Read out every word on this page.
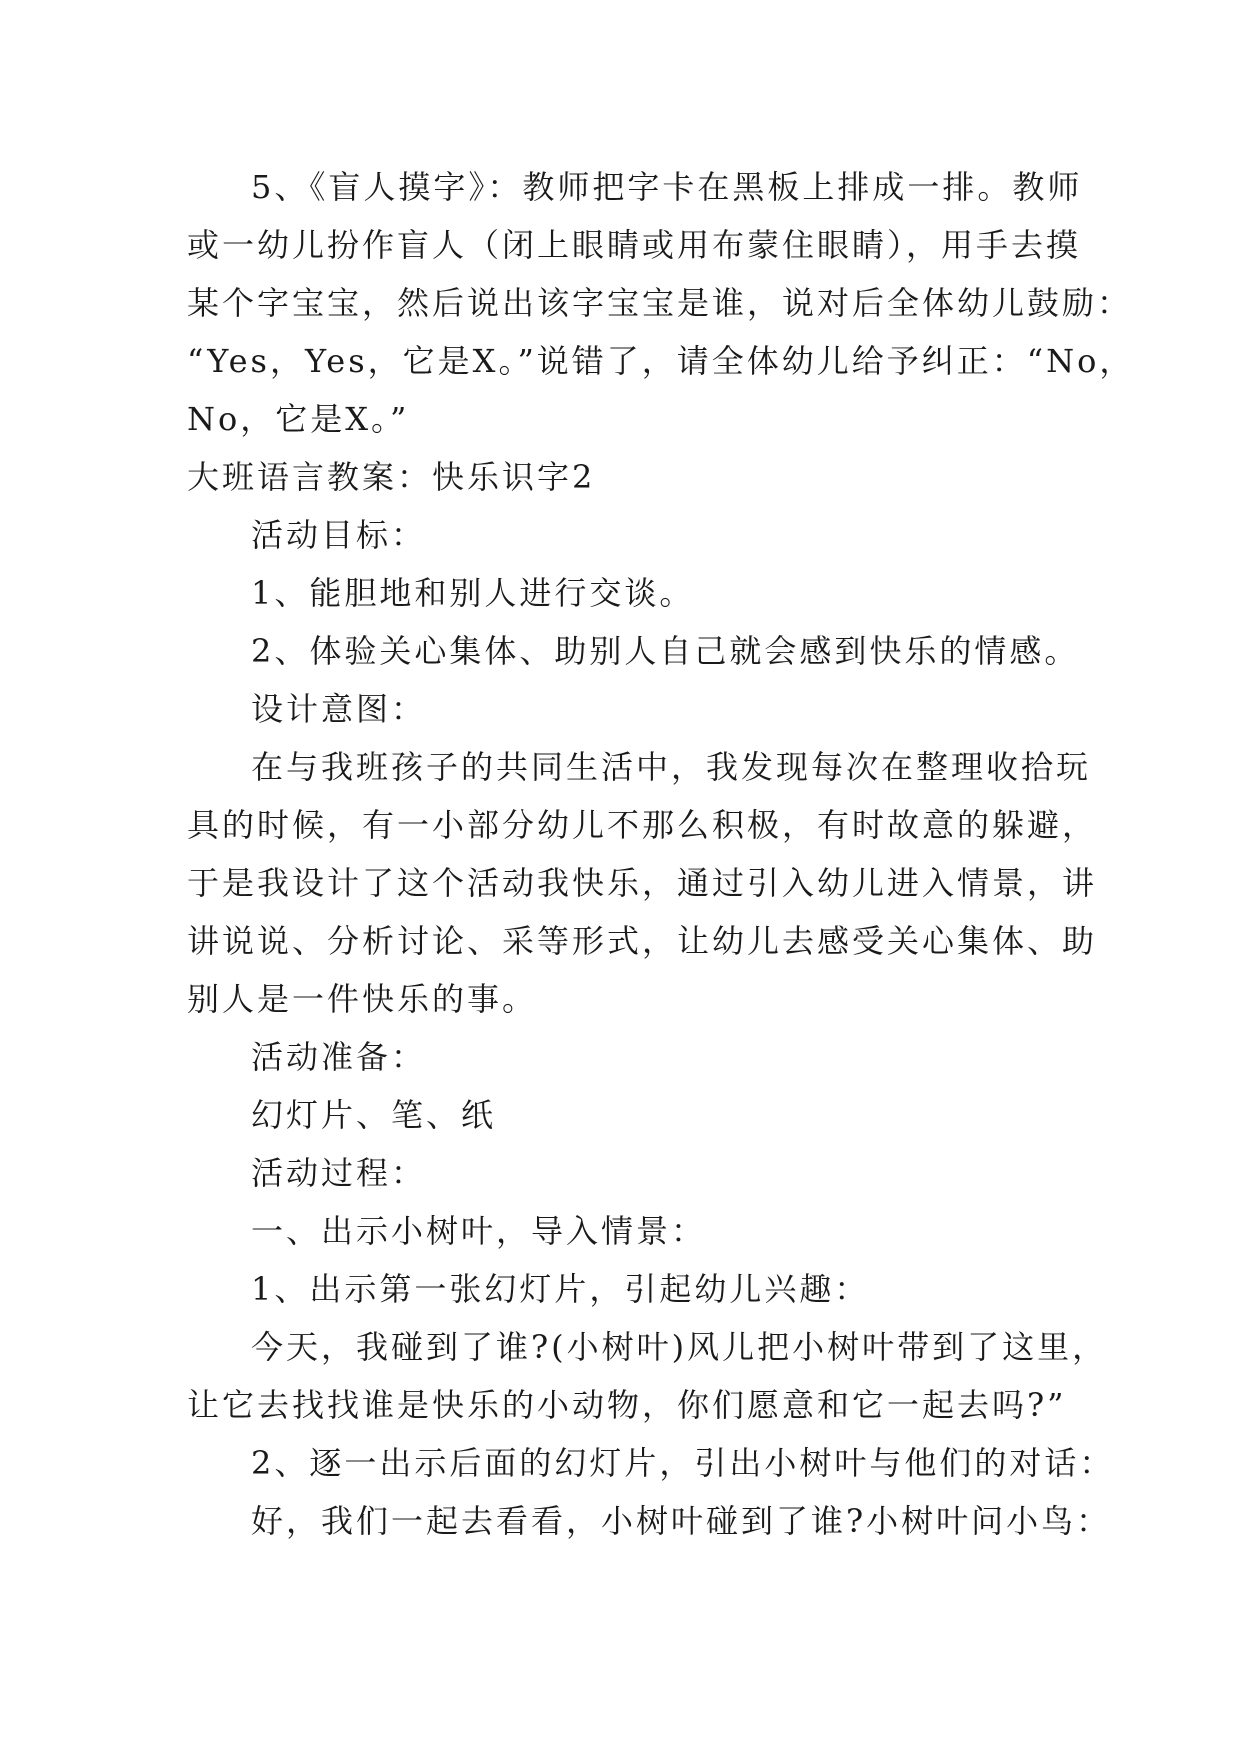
5、《盲人摸字》：教师把字卡在黑板上排成一排。教师
或一幼儿扮作盲人（闭上眼睛或用布蒙住眼睛），用手去摸
某个字宝宝，然后说出该字宝宝是谁，说对后全体幼儿鼓励：
“Yes，Yes，它是X。”说错了，请全体幼儿给予纠正：“No，
No，它是X。”
大班语言教案：快乐识字2
活动目标：
1、能胆地和别人进行交谈。
2、体验关心集体、助别人自己就会感到快乐的情感。
设计意图：
在与我班孩子的共同生活中，我发现每次在整理收拾玩
具的时候，有一小部分幼儿不那么积极，有时故意的躲避，
于是我设计了这个活动我快乐，通过引入幼儿进入情景，讲
讲说说、分析讨论、采等形式，让幼儿去感受关心集体、助
别人是一件快乐的事。
活动准备：
幻灯片、笔、纸
活动过程：
一、出示小树叶，导入情景：
1、出示第一张幻灯片，引起幼儿兴趣：
今天，我碰到了谁?(小树叶)风儿把小树叶带到了这里，
让它去找找谁是快乐的小动物，你们愿意和它一起去吗?”
2、逐一出示后面的幻灯片，引出小树叶与他们的对话：
好，我们一起去看看，小树叶碰到了谁?小树叶问小鸟：
